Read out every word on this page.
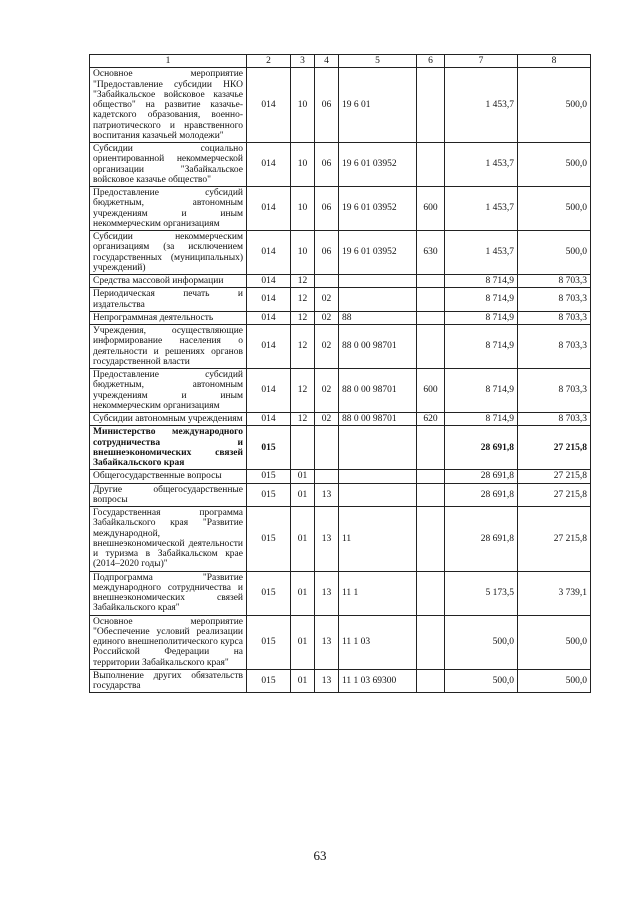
1	2	3	4	5	6	7	8
Основное мероприятие "Предоставление субсидии НКО "Забайкальское войсковое казачье общество" на развитие казачье-кадетского образования, военно-патриотического и нравственного воспитания казачьей молодежи"	014	10	06	19 6 01		1 453,7	500,0
Субсидии социально ориентированной некоммерческой организации "Забайкальское войсковое казачье общество"	014	10	06	19 6 01 03952		1 453,7	500,0
Предоставление субсидий бюджетным, автономным учреждениям и иным некоммерческим организациям	014	10	06	19 6 01 03952	600	1 453,7	500,0
Субсидии некоммерческим организациям (за исключением государственных (муниципальных) учреждений)	014	10	06	19 6 01 03952	630	1 453,7	500,0
Средства массовой информации	014	12				8 714,9	8 703,3
Периодическая печать и издательства	014	12	02			8 714,9	8 703,3
Непрограммная деятельность	014	12	02	88		8 714,9	8 703,3
Учреждения, осуществляющие информирование населения о деятельности и решениях органов государственной власти	014	12	02	88 0 00 98701		8 714,9	8 703,3
Предоставление субсидий бюджетным, автономным учреждениям и иным некоммерческим организациям	014	12	02	88 0 00 98701	600	8 714,9	8 703,3
Субсидии автономным учреждениям	014	12	02	88 0 00 98701	620	8 714,9	8 703,3
Министерство международного сотрудничества и внешнеэкономических связей Забайкальского края	015					28 691,8	27 215,8
Общегосударственные вопросы	015	01				28 691,8	27 215,8
Другие общегосударственные вопросы	015	01	13			28 691,8	27 215,8
Государственная программа Забайкальского края "Развитие международной, внешнеэкономической деятельности и туризма в Забайкальском крае (2014–2020 годы)"	015	01	13	11		28 691,8	27 215,8
Подпрограмма "Развитие международного сотрудничества и внешнеэкономических связей Забайкальского края"	015	01	13	11 1		5 173,5	3 739,1
Основное мероприятие "Обеспечение условий реализации единого внешнеполитического курса Российской Федерации на территории Забайкальского края"	015	01	13	11 1 03		500,0	500,0
Выполнение других обязательств государства	015	01	13	11 1 03 69300		500,0	500,0
63
